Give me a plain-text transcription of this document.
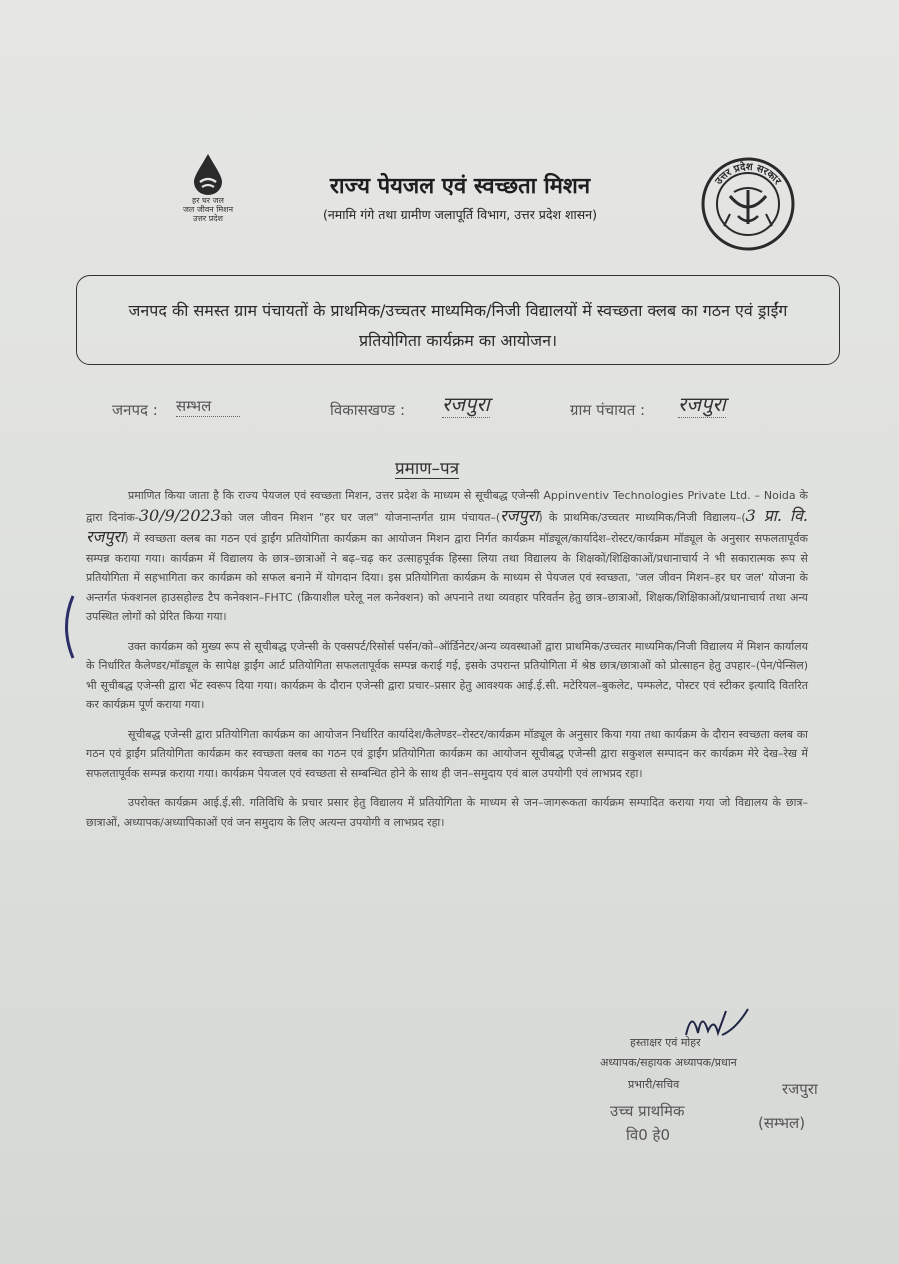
हर घर जल
जल जीवन मिशन
उत्तर प्रदेश
राज्य पेयजल एवं स्वच्छता मिशन
(नमामि गंगे तथा ग्रामीण जलापूर्ति विभाग, उत्तर प्रदेश शासन)
उत्तर प्रदेश सरकार
जनपद की समस्त ग्राम पंचायतों के प्राथमिक/उच्चतर माध्यमिक/निजी विद्यालयों में स्वच्छता क्लब का गठन एवं ड्राईंग प्रतियोगिता कार्यक्रम का आयोजन।
जनपद : सम्भल	विकासखण्ड : रजपुरा	ग्राम पंचायत : रजपुरा
प्रमाण–पत्र

प्रमाणित किया जाता है कि राज्य पेयजल एवं स्वच्छता मिशन, उत्तर प्रदेश के माध्यम से सूचीबद्ध एजेन्सी Appinventiv Technologies Private Ltd. – Noida के द्वारा दिनांक-30/9/2023को जल जीवन मिशन "हर घर जल" योजनान्तर्गत ग्राम पंचायत–(रजपुरा) के प्राथमिक/उच्चतर माध्यमिक/निजी विद्यालय–(3 प्रा. वि. रजपुरा) में स्वच्छता क्लब का गठन एवं ड्राईंग प्रतियोगिता कार्यक्रम का आयोजन मिशन द्वारा निर्गत कार्यक्रम मॉड्यूल/कार्यादेश–रोस्टर/कार्यक्रम मॉड्यूल के अनुसार सफलतापूर्वक सम्पन्न कराया गया। कार्यक्रम में विद्यालय के छात्र–छात्राओं ने बढ़–चढ़ कर उत्साहपूर्वक हिस्सा लिया तथा विद्यालय के शिक्षकों/शिक्षिकाओं/प्रधानाचार्य ने भी सकारात्मक रूप से प्रतियोगिता में सहभागिता कर कार्यक्रम को सफल बनाने में योगदान दिया। इस प्रतियोगिता कार्यक्रम के माध्यम से पेयजल एवं स्वच्छता, 'जल जीवन मिशन–हर घर जल' योजना के अन्तर्गत फंक्शनल हाउसहोल्ड टैप कनेक्शन–FHTC (क्रियाशील घरेलू नल कनेक्शन) को अपनाने तथा व्यवहार परिवर्तन हेतु छात्र–छात्राओं, शिक्षक/शिक्षिकाओं/प्रधानाचार्य तथा अन्य उपस्थित लोगों को प्रेरित किया गया।

उक्त कार्यक्रम को मुख्य रूप से सूचीबद्ध एजेन्सी के एक्सपर्ट/रिसोर्स पर्सन/को–ऑर्डिनेटर/अन्य व्यवस्थाओं द्वारा प्राथमिक/उच्चतर माध्यमिक/निजी विद्यालय में मिशन कार्यालय के निर्धारित कैलेण्डर/मॉड्यूल के सापेक्ष ड्राईंग आर्ट प्रतियोगिता सफलतापूर्वक सम्पन्न कराई गई, इसके उपरान्त प्रतियोगिता में श्रेष्ठ छात्र/छात्राओं को प्रोत्साहन हेतु उपहार–(पेन/पेन्सिल) भी सूचीबद्ध एजेन्सी द्वारा भेंट स्वरूप दिया गया। कार्यक्रम के दौरान एजेन्सी द्वारा प्रचार–प्रसार हेतु आवश्यक आई.ई.सी. मटेरियल–बुकलेट, पम्फलेट, पोस्टर एवं स्टीकर इत्यादि वितरित कर कार्यक्रम पूर्ण कराया गया।

सूचीबद्ध एजेन्सी द्वारा प्रतियोगिता कार्यक्रम का आयोजन निर्धारित कार्यादेश/कैलेण्डर–रोस्टर/कार्यक्रम मॉड्यूल के अनुसार किया गया तथा कार्यक्रम के दौरान स्वच्छता क्लब का गठन एवं ड्राईंग प्रतियोगिता कार्यक्रम कर स्वच्छता क्लब का गठन एवं ड्राईंग प्रतियोगिता कार्यक्रम का आयोजन सूचीबद्ध एजेन्सी द्वारा सकुशल सम्पादन कर कार्यक्रम मेरे देख–रेख में सफलतापूर्वक सम्पन्न कराया गया। कार्यक्रम पेयजल एवं स्वच्छता से सम्बन्धित होने के साथ ही जन–समुदाय एवं बाल उपयोगी एवं लाभप्रद रहा।

उपरोक्त कार्यक्रम आई.ई.सी. गतिविधि के प्रचार प्रसार हेतु विद्यालय में प्रतियोगिता के माध्यम से जन–जागरूकता कार्यक्रम सम्पादित कराया गया जो विद्यालय के छात्र–छात्राओं, अध्यापक/अध्यापिकाओं एवं जन समुदाय के लिए अत्यन्त उपयोगी व लाभप्रद रहा।

हस्ताक्षर एवं मोहर
अध्यापक/सहायक अध्यापक/प्रधान
प्रभारी/सचिव
उच्च प्राथमिक
वि0 हे0
रजपुरा
(सम्भल)
